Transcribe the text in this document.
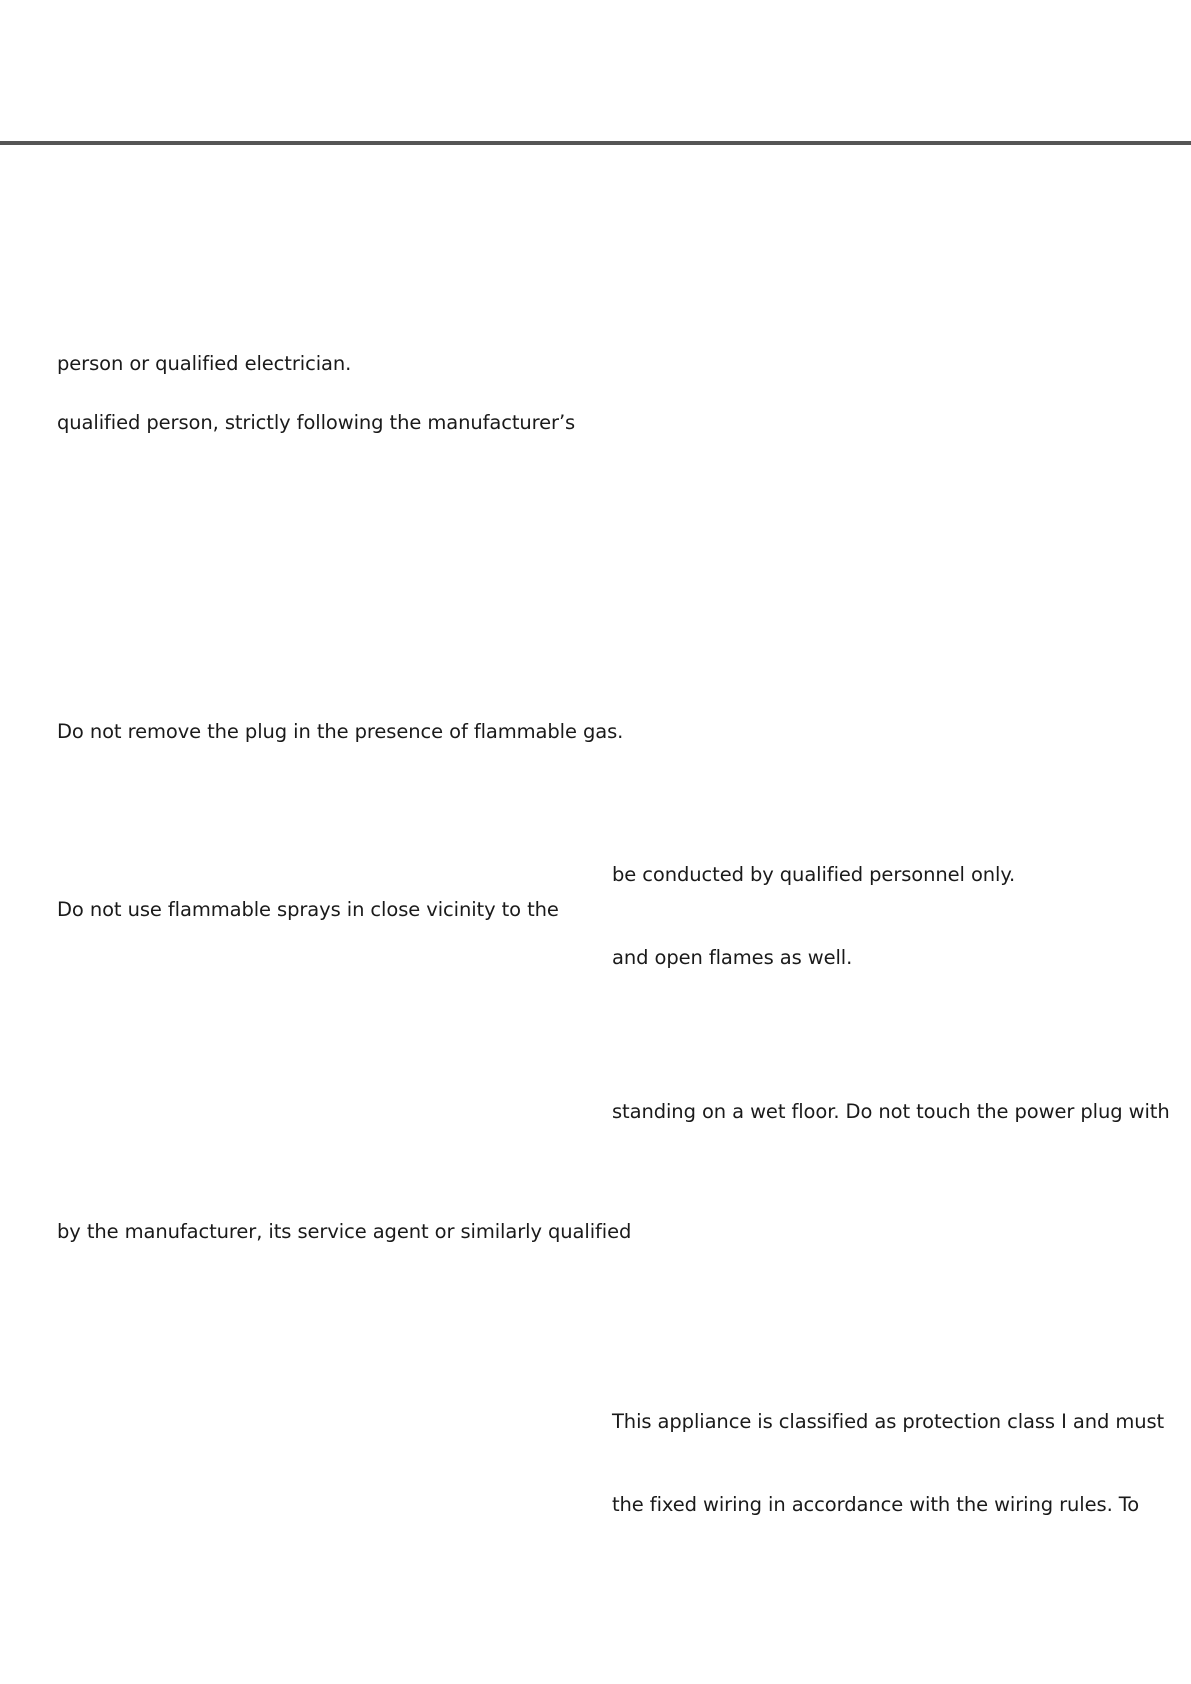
person or qualified electrician.
qualified person, strictly following the manufacturer’s
Do not remove the plug in the presence of flammable gas.
Do not use flammable sprays in close vicinity to the
by the manufacturer, its service agent or similarly qualified
be conducted by qualified personnel only.
and open flames as well.
standing on a wet floor. Do not touch the power plug with
This appliance is classified as protection class I and must
the fixed wiring in accordance with the wiring rules. To
